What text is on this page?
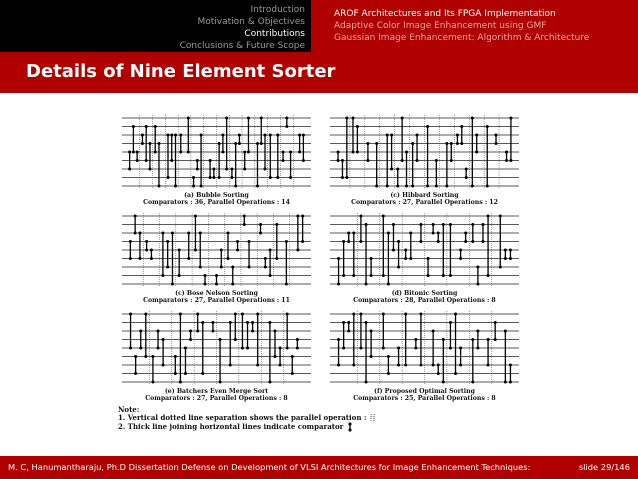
Introduction
Motivation & Objectives
Contributions
Conclusions & Future Scope
AROF Architectures and Its FPGA Implementation
Adaptive Color Image Enhancement using GMF
Gaussian Image Enhancement: Algorithm & Architecture
Details of Nine Element Sorter
(a) Bubble Sorting
Comparators : 36, Parallel Operations : 14
(c) Hibbard Sorting
Comparators : 27, Parallel Operations : 12
(c) Bose Nelson Sorting
Comparators : 27, Parallel Operations : 11
(d) Bitonic Sorting
Comparators : 28, Parallel Operations : 8
(e) Batchers Even Merge Sort
Comparators : 27, Parallel Operations : 8
(f) Proposed Optimal Sorting
Comparators : 25, Parallel Operations : 8
Note:
1. Vertical dotted line separation shows the parallel operation :
2. Thick line joining horizontal lines indicate comparator
M. C, Hanumantharaju, Ph.D Dissertation Defense on Development of VLSI Architectures for Image Enhancement Techniques:	slide 29/146
